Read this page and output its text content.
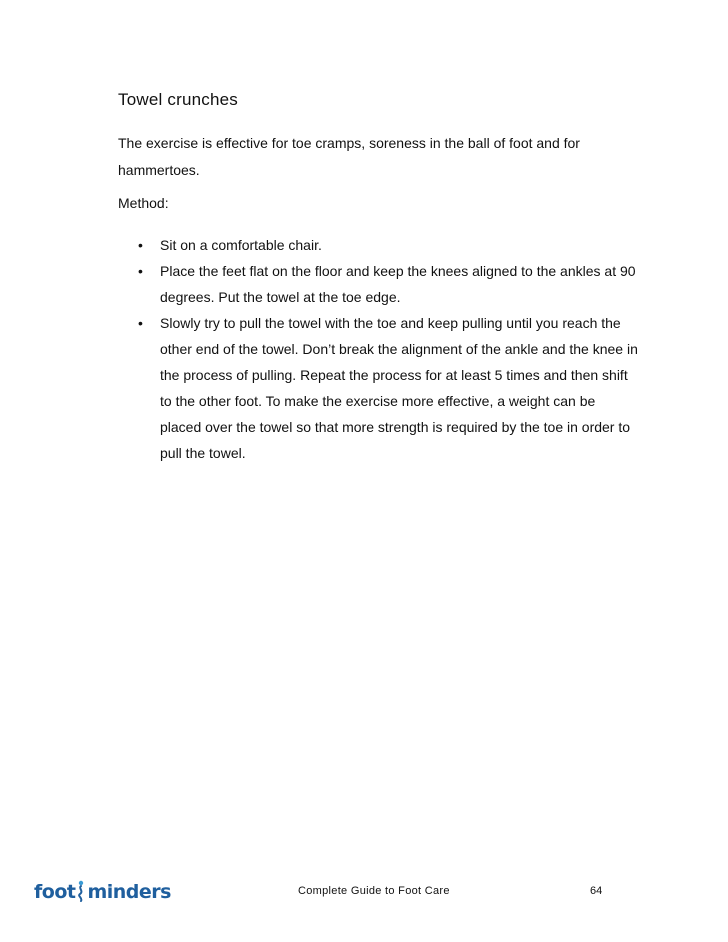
Towel crunches

The exercise is effective for toe cramps, soreness in the ball of foot and for hammertoes.

Method:

• Sit on a comfortable chair.
• Place the feet flat on the floor and keep the knees aligned to the ankles at 90 degrees. Put the towel at the toe edge.
• Slowly try to pull the towel with the toe and keep pulling until you reach the other end of the towel. Don’t break the alignment of the ankle and the knee in the process of pulling. Repeat the process for at least 5 times and then shift to the other foot. To make the exercise more effective, a weight can be placed over the towel so that more strength is required by the toe in order to pull the towel.
foot minders	Complete Guide to Foot Care	64
